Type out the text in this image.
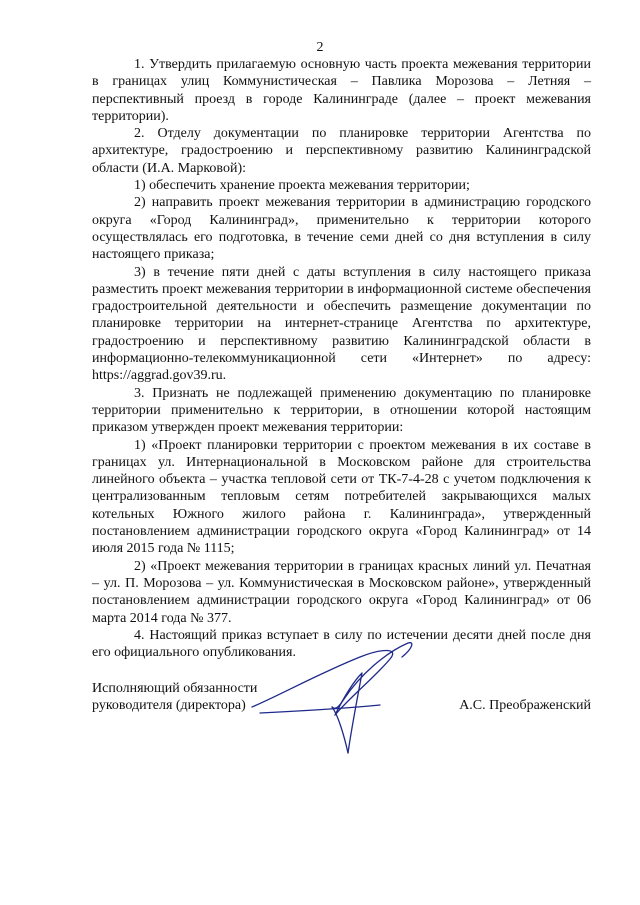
2

1. Утвердить прилагаемую основную часть проекта межевания территории в границах улиц Коммунистическая – Павлика Морозова – Летняя – перспективный проезд в городе Калининграде (далее – проект межевания территории).

2. Отделу документации по планировке территории Агентства по архитектуре, градостроению и перспективному развитию Калининградской области (И.А. Марковой):

1) обеспечить хранение проекта межевания территории;

2) направить проект межевания территории в администрацию городского округа «Город Калининград», применительно к территории которого осуществлялась его подготовка, в течение семи дней со дня вступления в силу настоящего приказа;

3) в течение пяти дней с даты вступления в силу настоящего приказа разместить проект межевания территории в информационной системе обеспечения градостроительной деятельности и обеспечить размещение документации по планировке территории на интернет-странице Агентства по архитектуре, градостроению и перспективному развитию Калининградской области в информационно-телекоммуникационной сети «Интернет» по адресу: https://aggrad.gov39.ru.

3. Признать не подлежащей применению документацию по планировке территории применительно к территории, в отношении которой настоящим приказом утвержден проект межевания территории:

1) «Проект планировки территории с проектом межевания в их составе в границах ул. Интернациональной в Московском районе для строительства линейного объекта – участка тепловой сети от ТК-7-4-28 с учетом подключения к централизованным тепловым сетям потребителей закрывающихся малых котельных Южного жилого района г. Калининграда», утвержденный постановлением администрации городского округа «Город Калининград» от 14 июля 2015 года № 1115;

2) «Проект межевания территории в границах красных линий ул. Печатная – ул. П. Морозова – ул. Коммунистическая в Московском районе», утвержденный постановлением администрации городского округа «Город Калининград» от 06 марта 2014 года № 377.

4. Настоящий приказ вступает в силу по истечении десяти дней после дня его официального опубликования.

Исполняющий обязанности
руководителя (директора)	А.С. Преображенский
